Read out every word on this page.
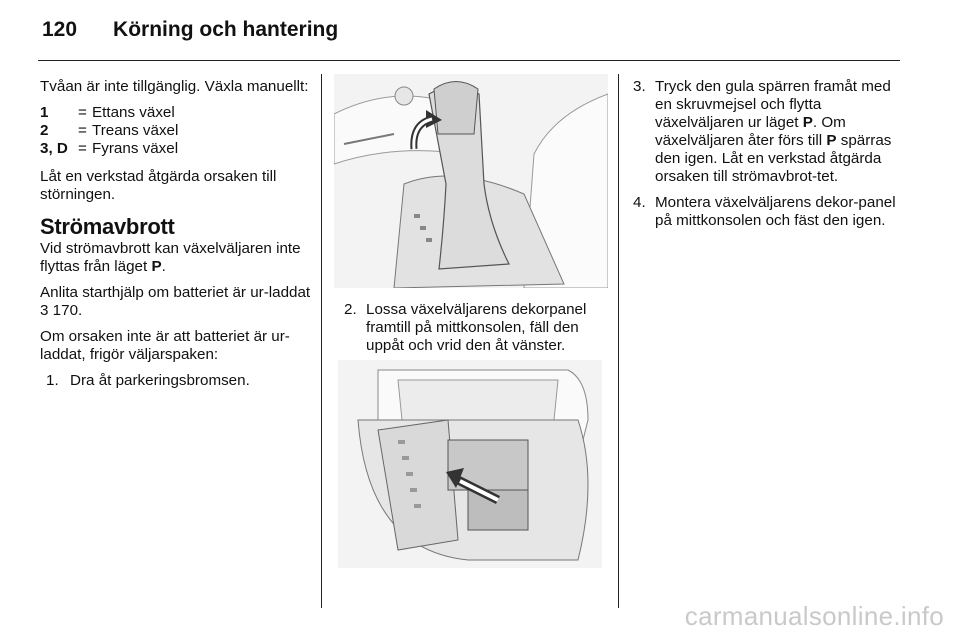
120 Körning och hantering

Tvåan är inte tillgänglig. Växla manuellt:

1	= Ettans växel
2	= Treans växel
3, D = Fyrans växel

Låt en verkstad åtgärda orsaken till störningen.

Strömavbrott

Vid strömavbrott kan växelväljaren inte flyttas från läget P.

Anlita starthjälp om batteriet är ur-laddat 3 170.

Om orsaken inte är att batteriet är ur-laddat, frigör väljarspaken:

1. Dra åt parkeringsbromsen.
2. Lossa växelväljarens dekorpanel framtill på mittkonsolen, fäll den uppåt och vrid den åt vänster.
3. Tryck den gula spärren framåt med en skruvmejsel och flytta växelväljaren ur läget P. Om växelväljaren åter förs till P spärras den igen. Låt en verkstad åtgärda orsaken till strömavbrot-tet.
4. Montera växelväljarens dekor-panel på mittkonsolen och fäst den igen.
carmanualsonline.info
